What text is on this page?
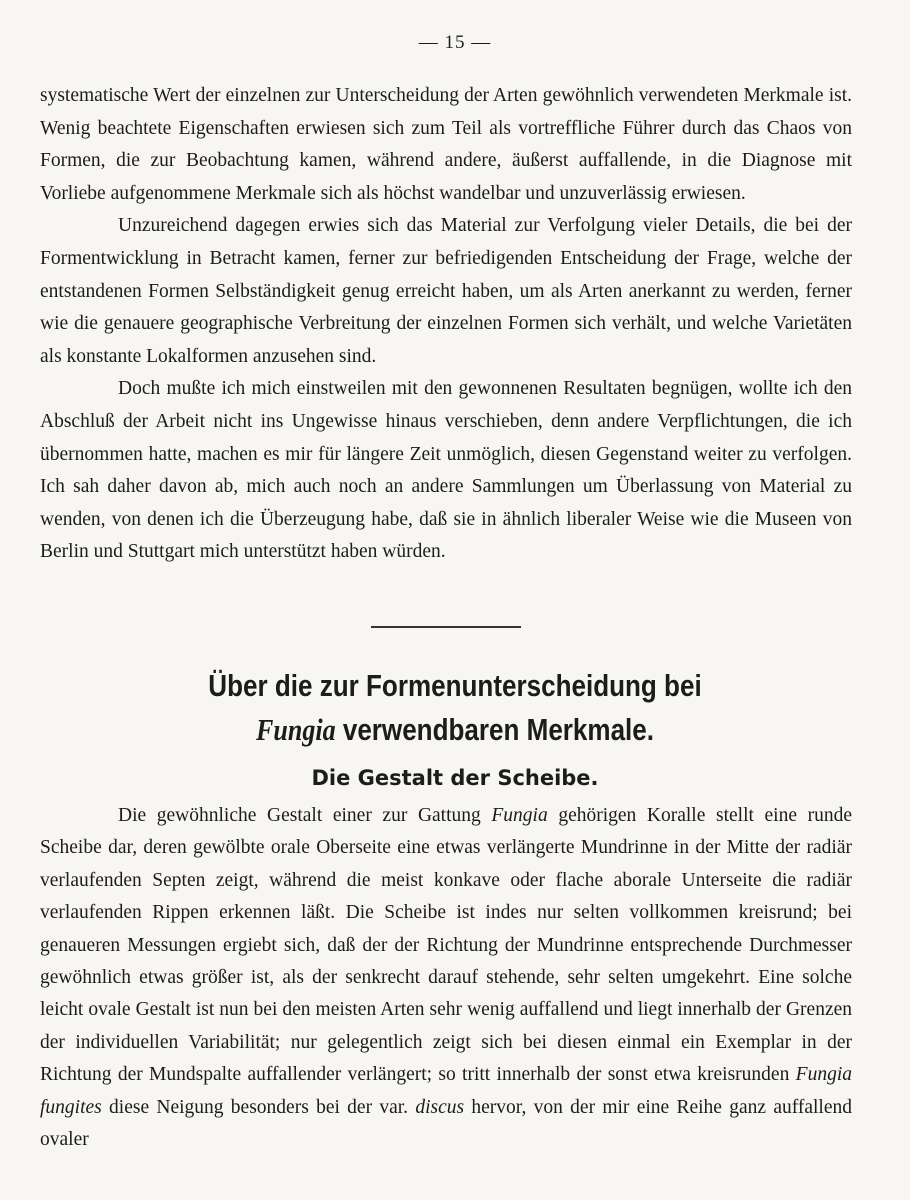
— 15 —

systematische Wert der einzelnen zur Unterscheidung der Arten gewöhnlich verwendeten Merkmale ist. Wenig beachtete Eigenschaften erwiesen sich zum Teil als vortreffliche Führer durch das Chaos von Formen, die zur Beobachtung kamen, während andere, äußerst auffallende, in die Diagnose mit Vorliebe aufgenommene Merkmale sich als höchst wandelbar und unzuverlässig erwiesen.

Unzureichend dagegen erwies sich das Material zur Verfolgung vieler Details, die bei der Formentwicklung in Betracht kamen, ferner zur befriedigenden Entscheidung der Frage, welche der entstandenen Formen Selbständigkeit genug erreicht haben, um als Arten anerkannt zu werden, ferner wie die genauere geographische Verbreitung der einzelnen Formen sich verhält, und welche Varietäten als konstante Lokalformen anzusehen sind.

Doch mußte ich mich einstweilen mit den gewonnenen Resultaten begnügen, wollte ich den Abschluß der Arbeit nicht ins Ungewisse hinaus verschieben, denn andere Verpflichtungen, die ich übernommen hatte, machen es mir für längere Zeit unmöglich, diesen Gegenstand weiter zu verfolgen. Ich sah daher davon ab, mich auch noch an andere Sammlungen um Überlassung von Material zu wenden, von denen ich die Überzeugung habe, daß sie in ähnlich liberaler Weise wie die Museen von Berlin und Stuttgart mich unterstützt haben würden.

Über die zur Formenunterscheidung bei
Fungia verwendbaren Merkmale.
Die Gestalt der Scheibe.

Die gewöhnliche Gestalt einer zur Gattung Fungia gehörigen Koralle stellt eine runde Scheibe dar, deren gewölbte orale Oberseite eine etwas verlängerte Mundrinne in der Mitte der radiär verlaufenden Septen zeigt, während die meist konkave oder flache aborale Unterseite die radiär verlaufenden Rippen erkennen läßt. Die Scheibe ist indes nur selten vollkommen kreisrund; bei genaueren Messungen ergiebt sich, daß der der Richtung der Mundrinne entsprechende Durchmesser gewöhnlich etwas größer ist, als der senkrecht darauf stehende, sehr selten umgekehrt. Eine solche leicht ovale Gestalt ist nun bei den meisten Arten sehr wenig auffallend und liegt innerhalb der Grenzen der individuellen Variabilität; nur gelegentlich zeigt sich bei diesen einmal ein Exemplar in der Richtung der Mundspalte auffallender verlängert; so tritt innerhalb der sonst etwa kreisrunden Fungia fungites diese Neigung besonders bei der var. discus hervor, von der mir eine Reihe ganz auffallend ovaler
